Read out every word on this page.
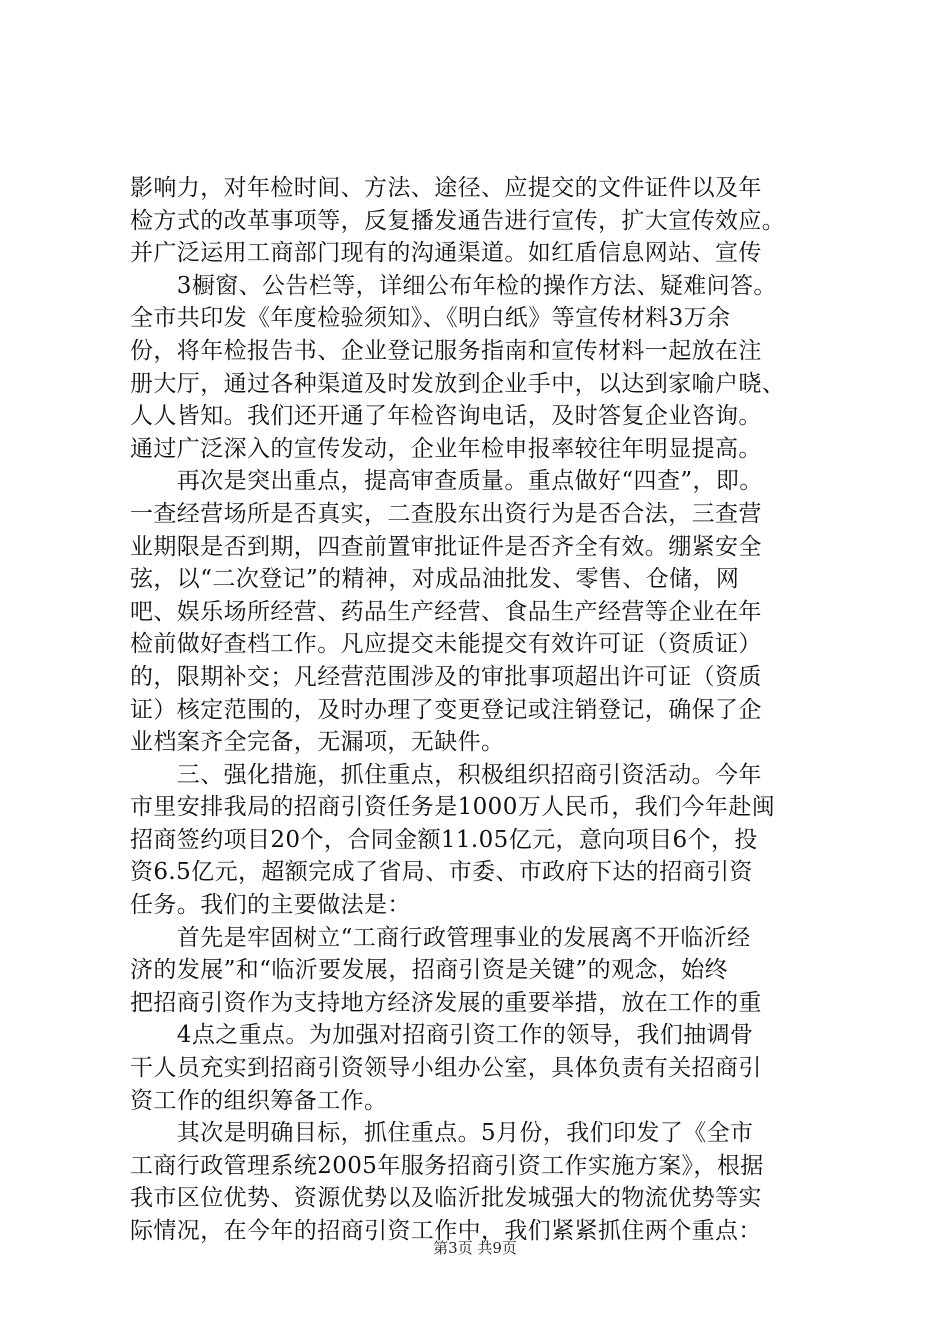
影响力，对年检时间、方法、途径、应提交的文件证件以及年
检方式的改革事项等，反复播发通告进行宣传，扩大宣传效应。
并广泛运用工商部门现有的沟通渠道。如红盾信息网站、宣传
　　3橱窗、公告栏等，详细公布年检的操作方法、疑难问答。
全市共印发《年度检验须知》、《明白纸》等宣传材料3万余
份，将年检报告书、企业登记服务指南和宣传材料一起放在注
册大厅，通过各种渠道及时发放到企业手中，以达到家喻户晓、
人人皆知。我们还开通了年检咨询电话，及时答复企业咨询。
通过广泛深入的宣传发动，企业年检申报率较往年明显提高。
　　再次是突出重点，提高审查质量。重点做好“四查”，即。
一查经营场所是否真实，二查股东出资行为是否合法，三查营
业期限是否到期，四查前置审批证件是否齐全有效。绷紧安全
弦，以“二次登记”的精神，对成品油批发、零售、仓储，网
吧、娱乐场所经营、药品生产经营、食品生产经营等企业在年
检前做好查档工作。凡应提交未能提交有效许可证（资质证）
的，限期补交；凡经营范围涉及的审批事项超出许可证（资质
证）核定范围的，及时办理了变更登记或注销登记，确保了企
业档案齐全完备，无漏项，无缺件。
　　三、强化措施，抓住重点，积极组织招商引资活动。今年
市里安排我局的招商引资任务是1000万人民币，我们今年赴闽
招商签约项目20个，合同金额11.05亿元，意向项目6个，投
资6.5亿元，超额完成了省局、市委、市政府下达的招商引资
任务。我们的主要做法是：
　　首先是牢固树立“工商行政管理事业的发展离不开临沂经
济的发展”和“临沂要发展，招商引资是关键”的观念，始终
把招商引资作为支持地方经济发展的重要举措，放在工作的重
　　4点之重点。为加强对招商引资工作的领导，我们抽调骨
干人员充实到招商引资领导小组办公室，具体负责有关招商引
资工作的组织筹备工作。
　　其次是明确目标，抓住重点。5月份，我们印发了《全市
工商行政管理系统2005年服务招商引资工作实施方案》，根据
我市区位优势、资源优势以及临沂批发城强大的物流优势等实
际情况，在今年的招商引资工作中，我们紧紧抓住两个重点：
第3页 共9页
